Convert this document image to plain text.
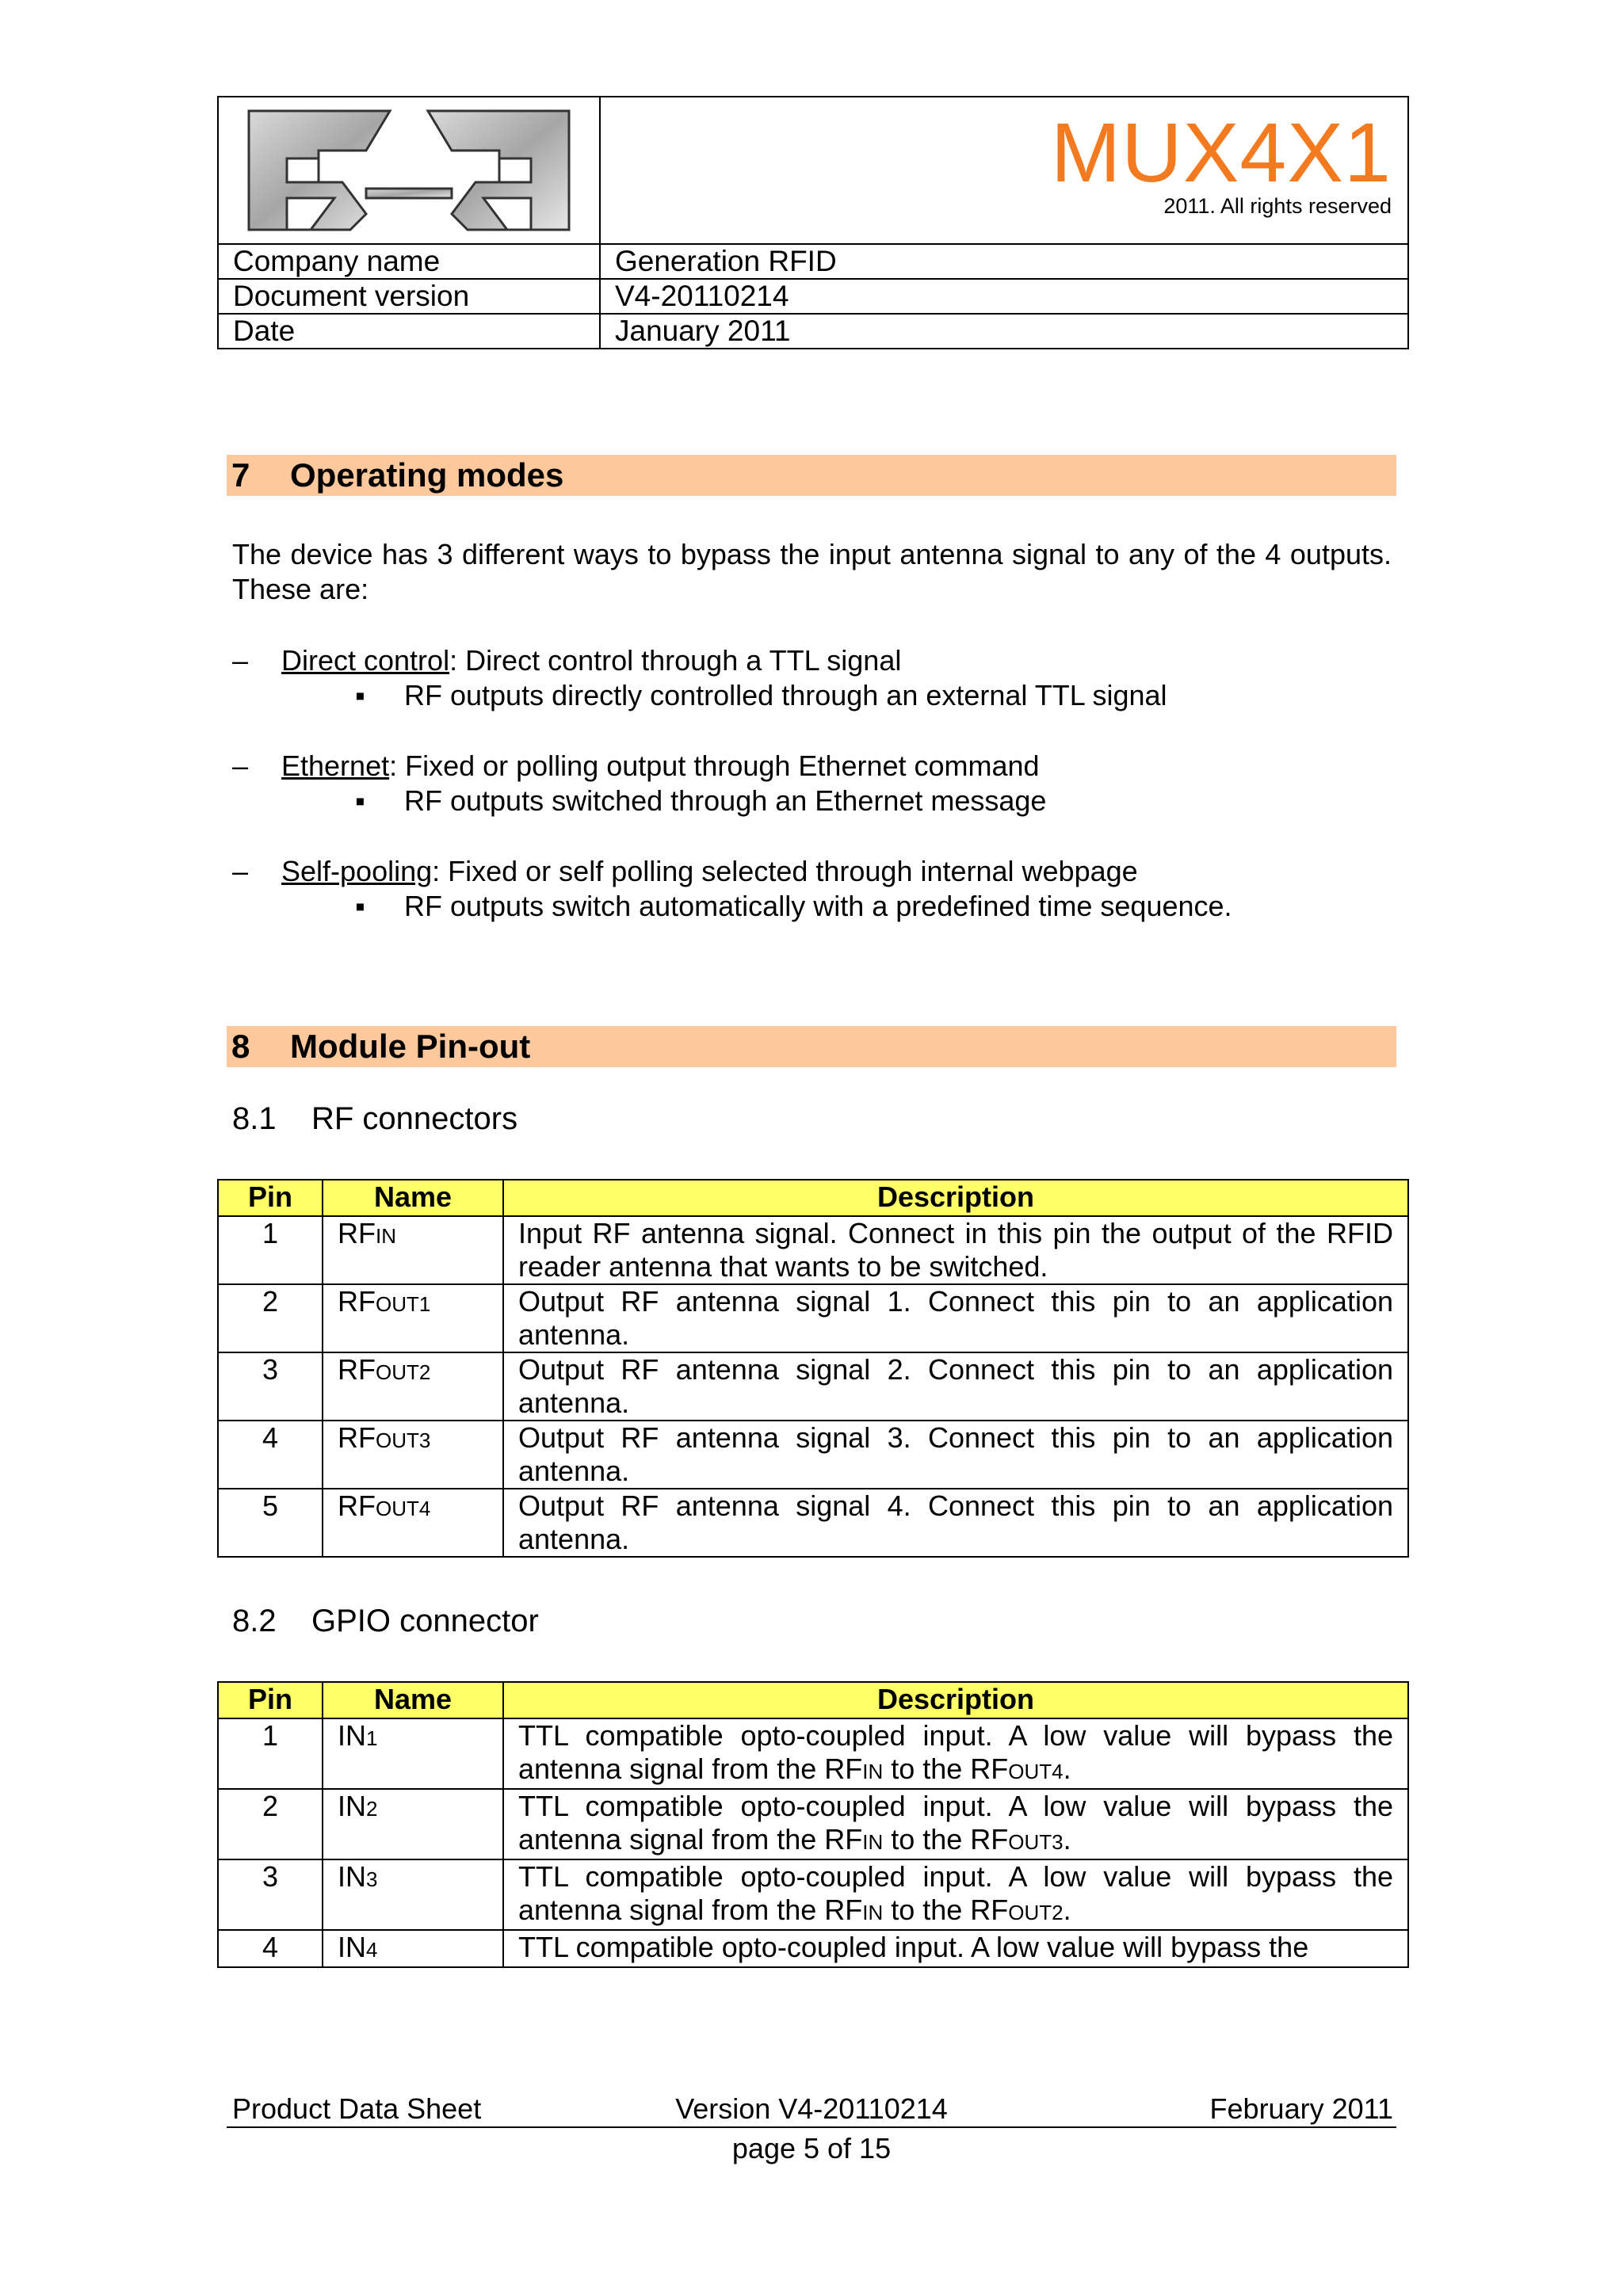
MUX4X1
2011. All rights reserved

Company name	Generation RFID
Document version	V4-20110214
Date	January 2011
7 Operating modes
The device has 3 different ways to bypass the input antenna signal to any of the 4 outputs. These are:
– Direct control: Direct control through a TTL signal
▪ RF outputs directly controlled through an external TTL signal
– Ethernet: Fixed or polling output through Ethernet command
▪ RF outputs switched through an Ethernet message
– Self-pooling: Fixed or self polling selected through internal webpage
▪ RF outputs switch automatically with a predefined time sequence.
8 Module Pin-out
8.1 RF connectors
Pin	Name	Description
1	RFIN	Input RF antenna signal. Connect in this pin the output of the RFID reader antenna that wants to be switched.
2	RFOUT1	Output RF antenna signal 1. Connect this pin to an application antenna.
3	RFOUT2	Output RF antenna signal 2. Connect this pin to an application antenna.
4	RFOUT3	Output RF antenna signal 3. Connect this pin to an application antenna.
5	RFOUT4	Output RF antenna signal 4. Connect this pin to an application antenna.
8.2 GPIO connector
Pin	Name	Description
1	IN1	TTL compatible opto-coupled input. A low value will bypass the antenna signal from the RFIN to the RFOUT4.
2	IN2	TTL compatible opto-coupled input. A low value will bypass the antenna signal from the RFIN to the RFOUT3.
3	IN3	TTL compatible opto-coupled input. A low value will bypass the antenna signal from the RFIN to the RFOUT2.
4	IN4	TTL compatible opto-coupled input. A low value will bypass the
Product Data Sheet	Version V4-20110214	February 2011
page 5 of 15
